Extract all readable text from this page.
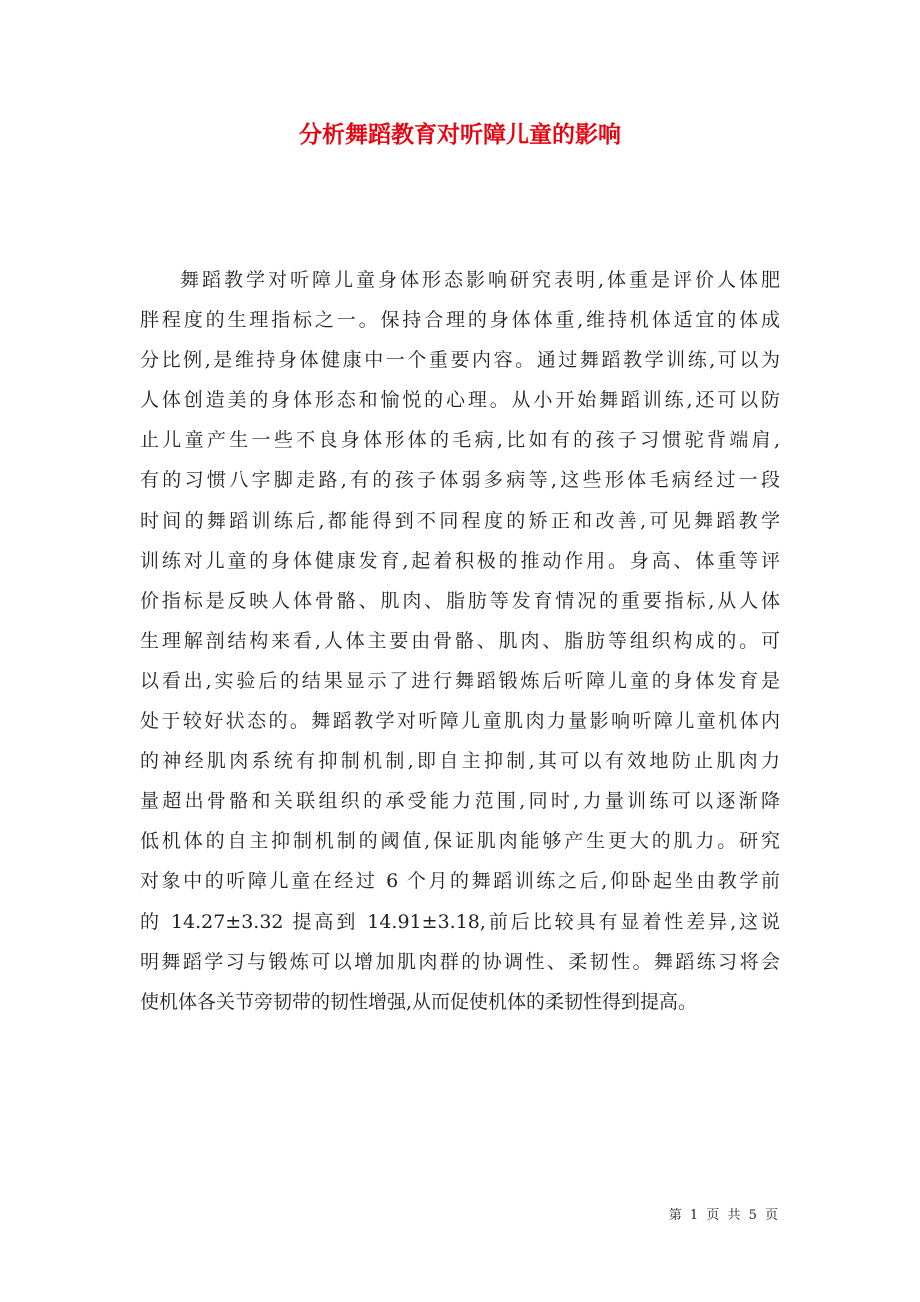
分析舞蹈教育对听障儿童的影响
舞蹈教学对听障儿童身体形态影响研究表明,体重是评价人体肥
胖程度的生理指标之一。保持合理的身体体重,维持机体适宜的体成
分比例,是维持身体健康中一个重要内容。通过舞蹈教学训练,可以为
人体创造美的身体形态和愉悦的心理。从小开始舞蹈训练,还可以防
止儿童产生一些不良身体形体的毛病,比如有的孩子习惯驼背端肩,
有的习惯八字脚走路,有的孩子体弱多病等,这些形体毛病经过一段
时间的舞蹈训练后,都能得到不同程度的矫正和改善,可见舞蹈教学
训练对儿童的身体健康发育,起着积极的推动作用。身高、体重等评
价指标是反映人体骨骼、肌肉、脂肪等发育情况的重要指标,从人体
生理解剖结构来看,人体主要由骨骼、肌肉、脂肪等组织构成的。可
以看出,实验后的结果显示了进行舞蹈锻炼后听障儿童的身体发育是
处于较好状态的。舞蹈教学对听障儿童肌肉力量影响听障儿童机体内
的神经肌肉系统有抑制机制,即自主抑制,其可以有效地防止肌肉力
量超出骨骼和关联组织的承受能力范围,同时,力量训练可以逐渐降
低机体的自主抑制机制的阈值,保证肌肉能够产生更大的肌力。研究
对象中的听障儿童在经过 6 个月的舞蹈训练之后,仰卧起坐由教学前
的 14.27±3.32 提高到 14.91±3.18,前后比较具有显着性差异,这说
明舞蹈学习与锻炼可以增加肌肉群的协调性、柔韧性。舞蹈练习将会
使机体各关节旁韧带的韧性增强,从而促使机体的柔韧性得到提高。
第 1 页 共 5 页
